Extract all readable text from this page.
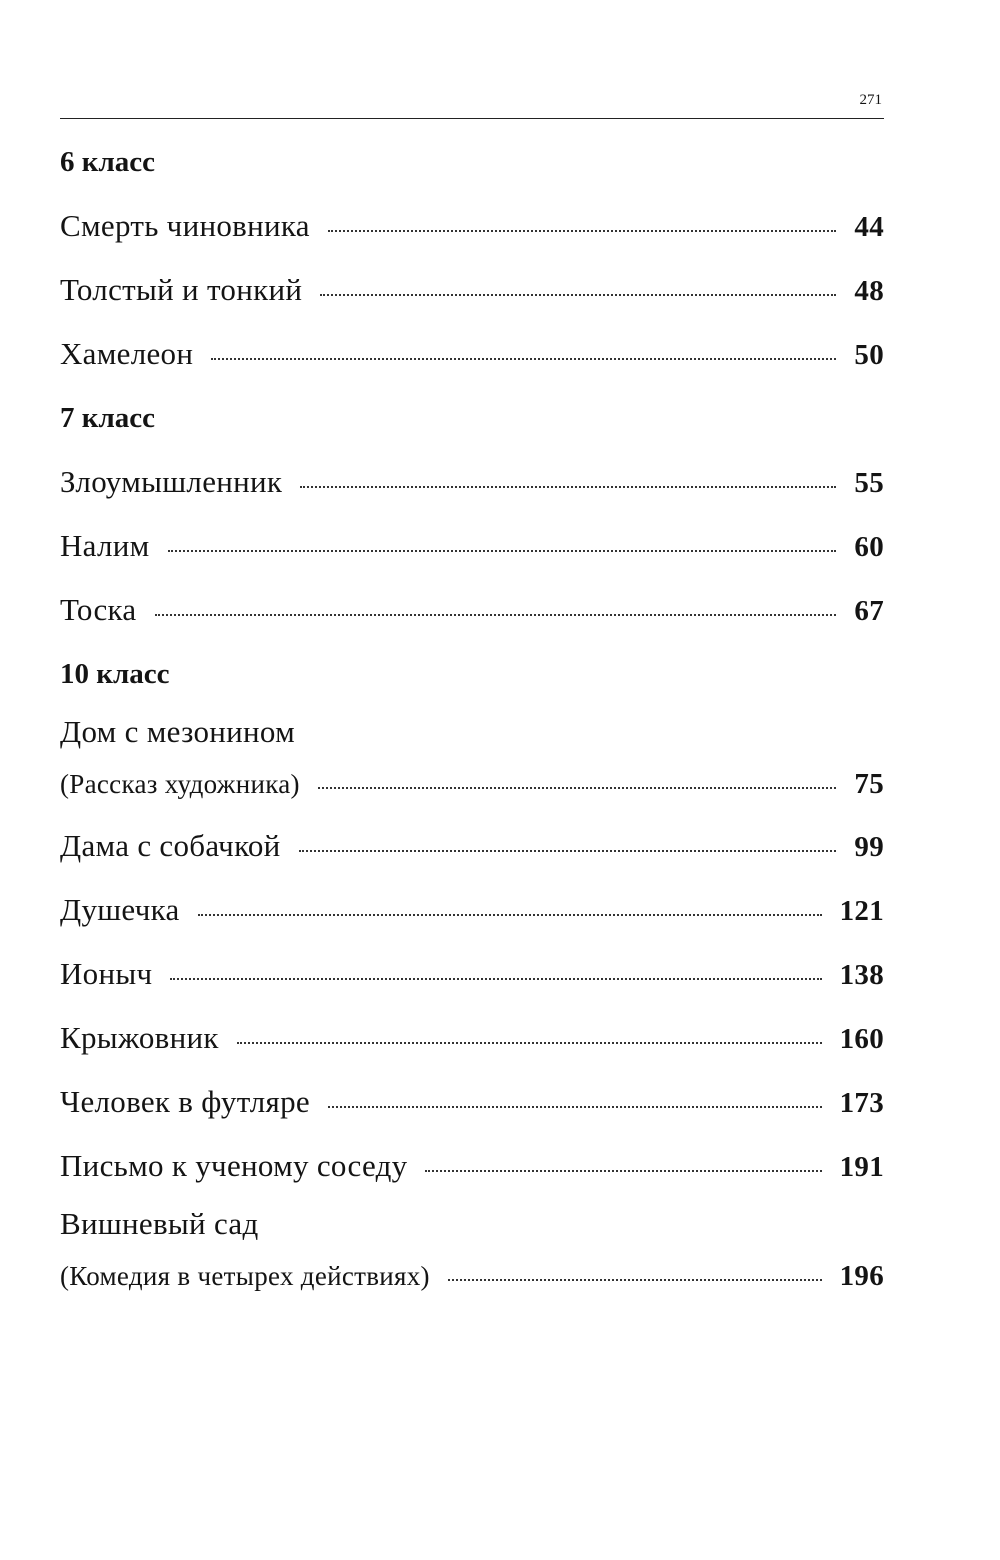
271
6 класс
Смерть чиновника	44
Толстый и тонкий	48
Хамелеон	50
7 класс
Злоумышленник	55
Налим	60
Тоска	67
10 класс
Дом с мезонином
(Рассказ художника)	75
Дама с собачкой	99
Душечка	121
Ионыч	138
Крыжовник	160
Человек в футляре	173
Письмо к ученому соседу	191
Вишневый сад
(Комедия в четырех действиях)	196
